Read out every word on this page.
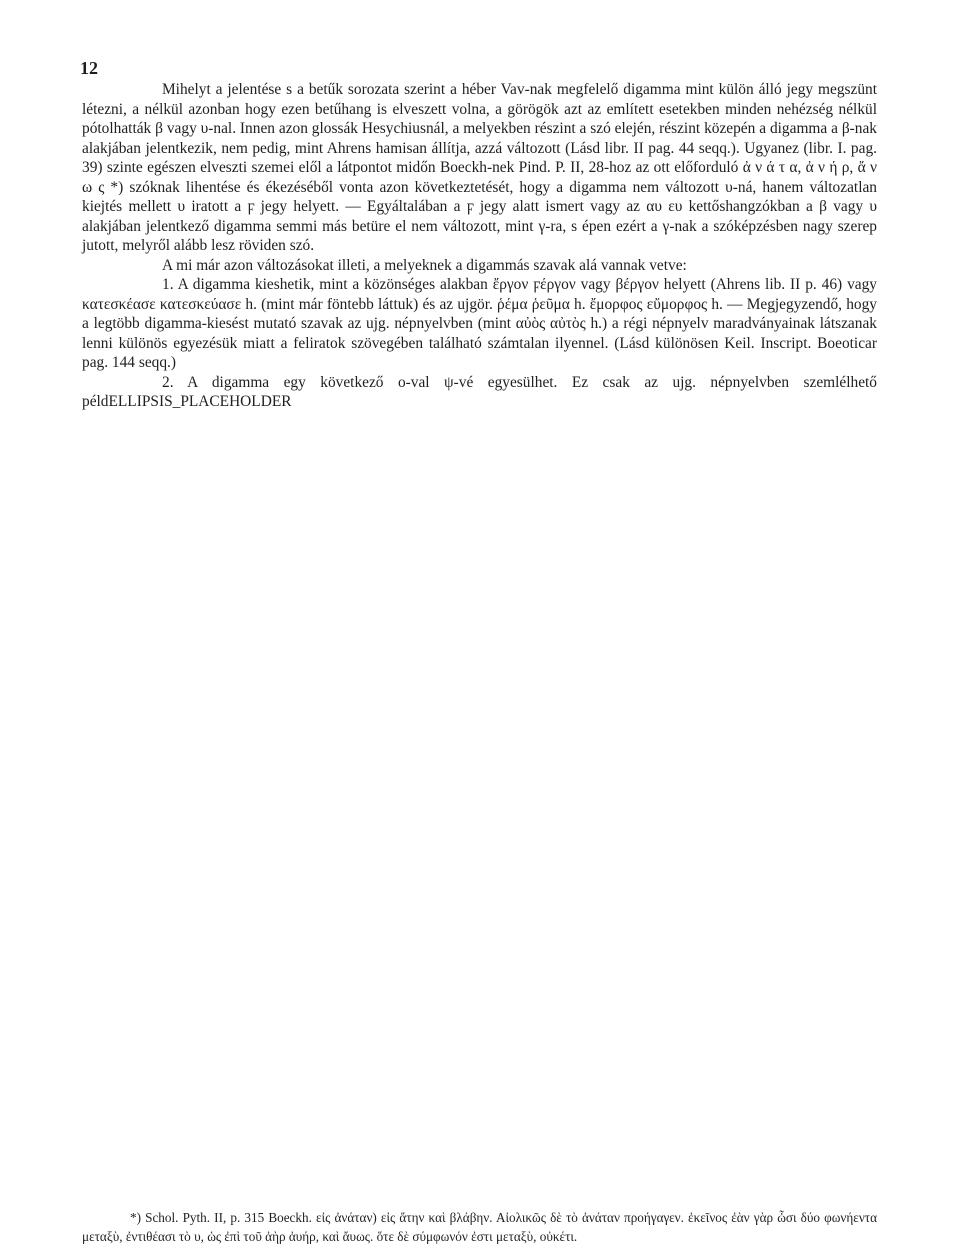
12

Mihelyt a jelentése s a betűk sorozata szerint a héber Vav-nak megfelelő digamma mint külön álló jegy megszünt létezni, a nélkül azonban hogy ezen betűhang is elveszett volna, a görögök azt az említett esetekben minden nehézség nélkül pótolhatták β vagy υ-nal. Innen azon glossák Hesychiusnál, a melyekben részint a szó elején, részint közepén a digamma a β-nak alakjában jelentkezik, nem pedig, mint Ahrens hamisan állítja, azzá változott (Lásd libr. II pag. 44 seqq.). Ugyanez (libr. I. pag. 39) szinte egészen elveszti szemei elől a látpontot midőn Boeckh-nek Pind. P. II, 28-hoz az ott előforduló ἀ ν ά τ α, ἀ ν ή ρ, ἄ ν ω ς *) szóknak lihentése és ékezéséből vonta azon következtetését, hogy a digamma nem változott υ-ná, hanem változatlan kiejtés mellett υ iratott a ϝ jegy helyett. — Egyáltalában a ϝ jegy alatt ismert vagy az αυ ευ kettőshangzókban a β vagy υ alakjában jelentkező digamma semmi más betüre el nem változott, mint γ-ra, s épen ezért a γ-nak a szóképzésben nagy szerep jutott, melyről alább lesz röviden szó.

A mi már azon változásokat illeti, a melyeknek a digammás szavak alá vannak vetve:

1. A digamma kieshetik, mint a közönséges alakban ἔργον ϝέργον vagy βέργον helyett (Ahrens lib. II p. 46) vagy κατεσκέασε κατεσκεύασε h. (mint már föntebb láttuk) és az ujgör. ῥέμα ῥεῦμα h. ἔμορφος εὔμορφος h. — Megjegyzendő, hogy a legtöbb digamma-kiesést mutató szavak az ujg. népnyelvben (mint αὐὸς αὐτὸς h.) a régi népnyelv maradványainak látszanak lenni különös egyezésük miatt a feliratok szövegében található számtalan ilyennel. (Lásd különösen Keil. Inscript. Boeoticar pag. 144 seqq.)

2. A digamma egy következő ο-val ψ-vé egyesülhet. Ez csak az ujg. népnyelvben szemlélhető példELLIPSIS_PLACEHOLDER

*) Schol. Pyth. II, p. 315 Boeckh. εἰς ἀνάταν) εἰς ἄτην καὶ βλάβην. Αἰολικῶς δὲ τὸ ἀνάταν προήγαγεν. ἐκεῖνος ἐὰν γὰρ ὦσι δύο φωνήεντα μεταξὺ, ἐντιθέασι τὸ υ, ὡς ἐπὶ τοῦ ἀὴρ ἀυήρ, καὶ ἄυως. ὅτε δὲ σύμφωνόν ἐστι μεταξὺ, οὐκέτι.
